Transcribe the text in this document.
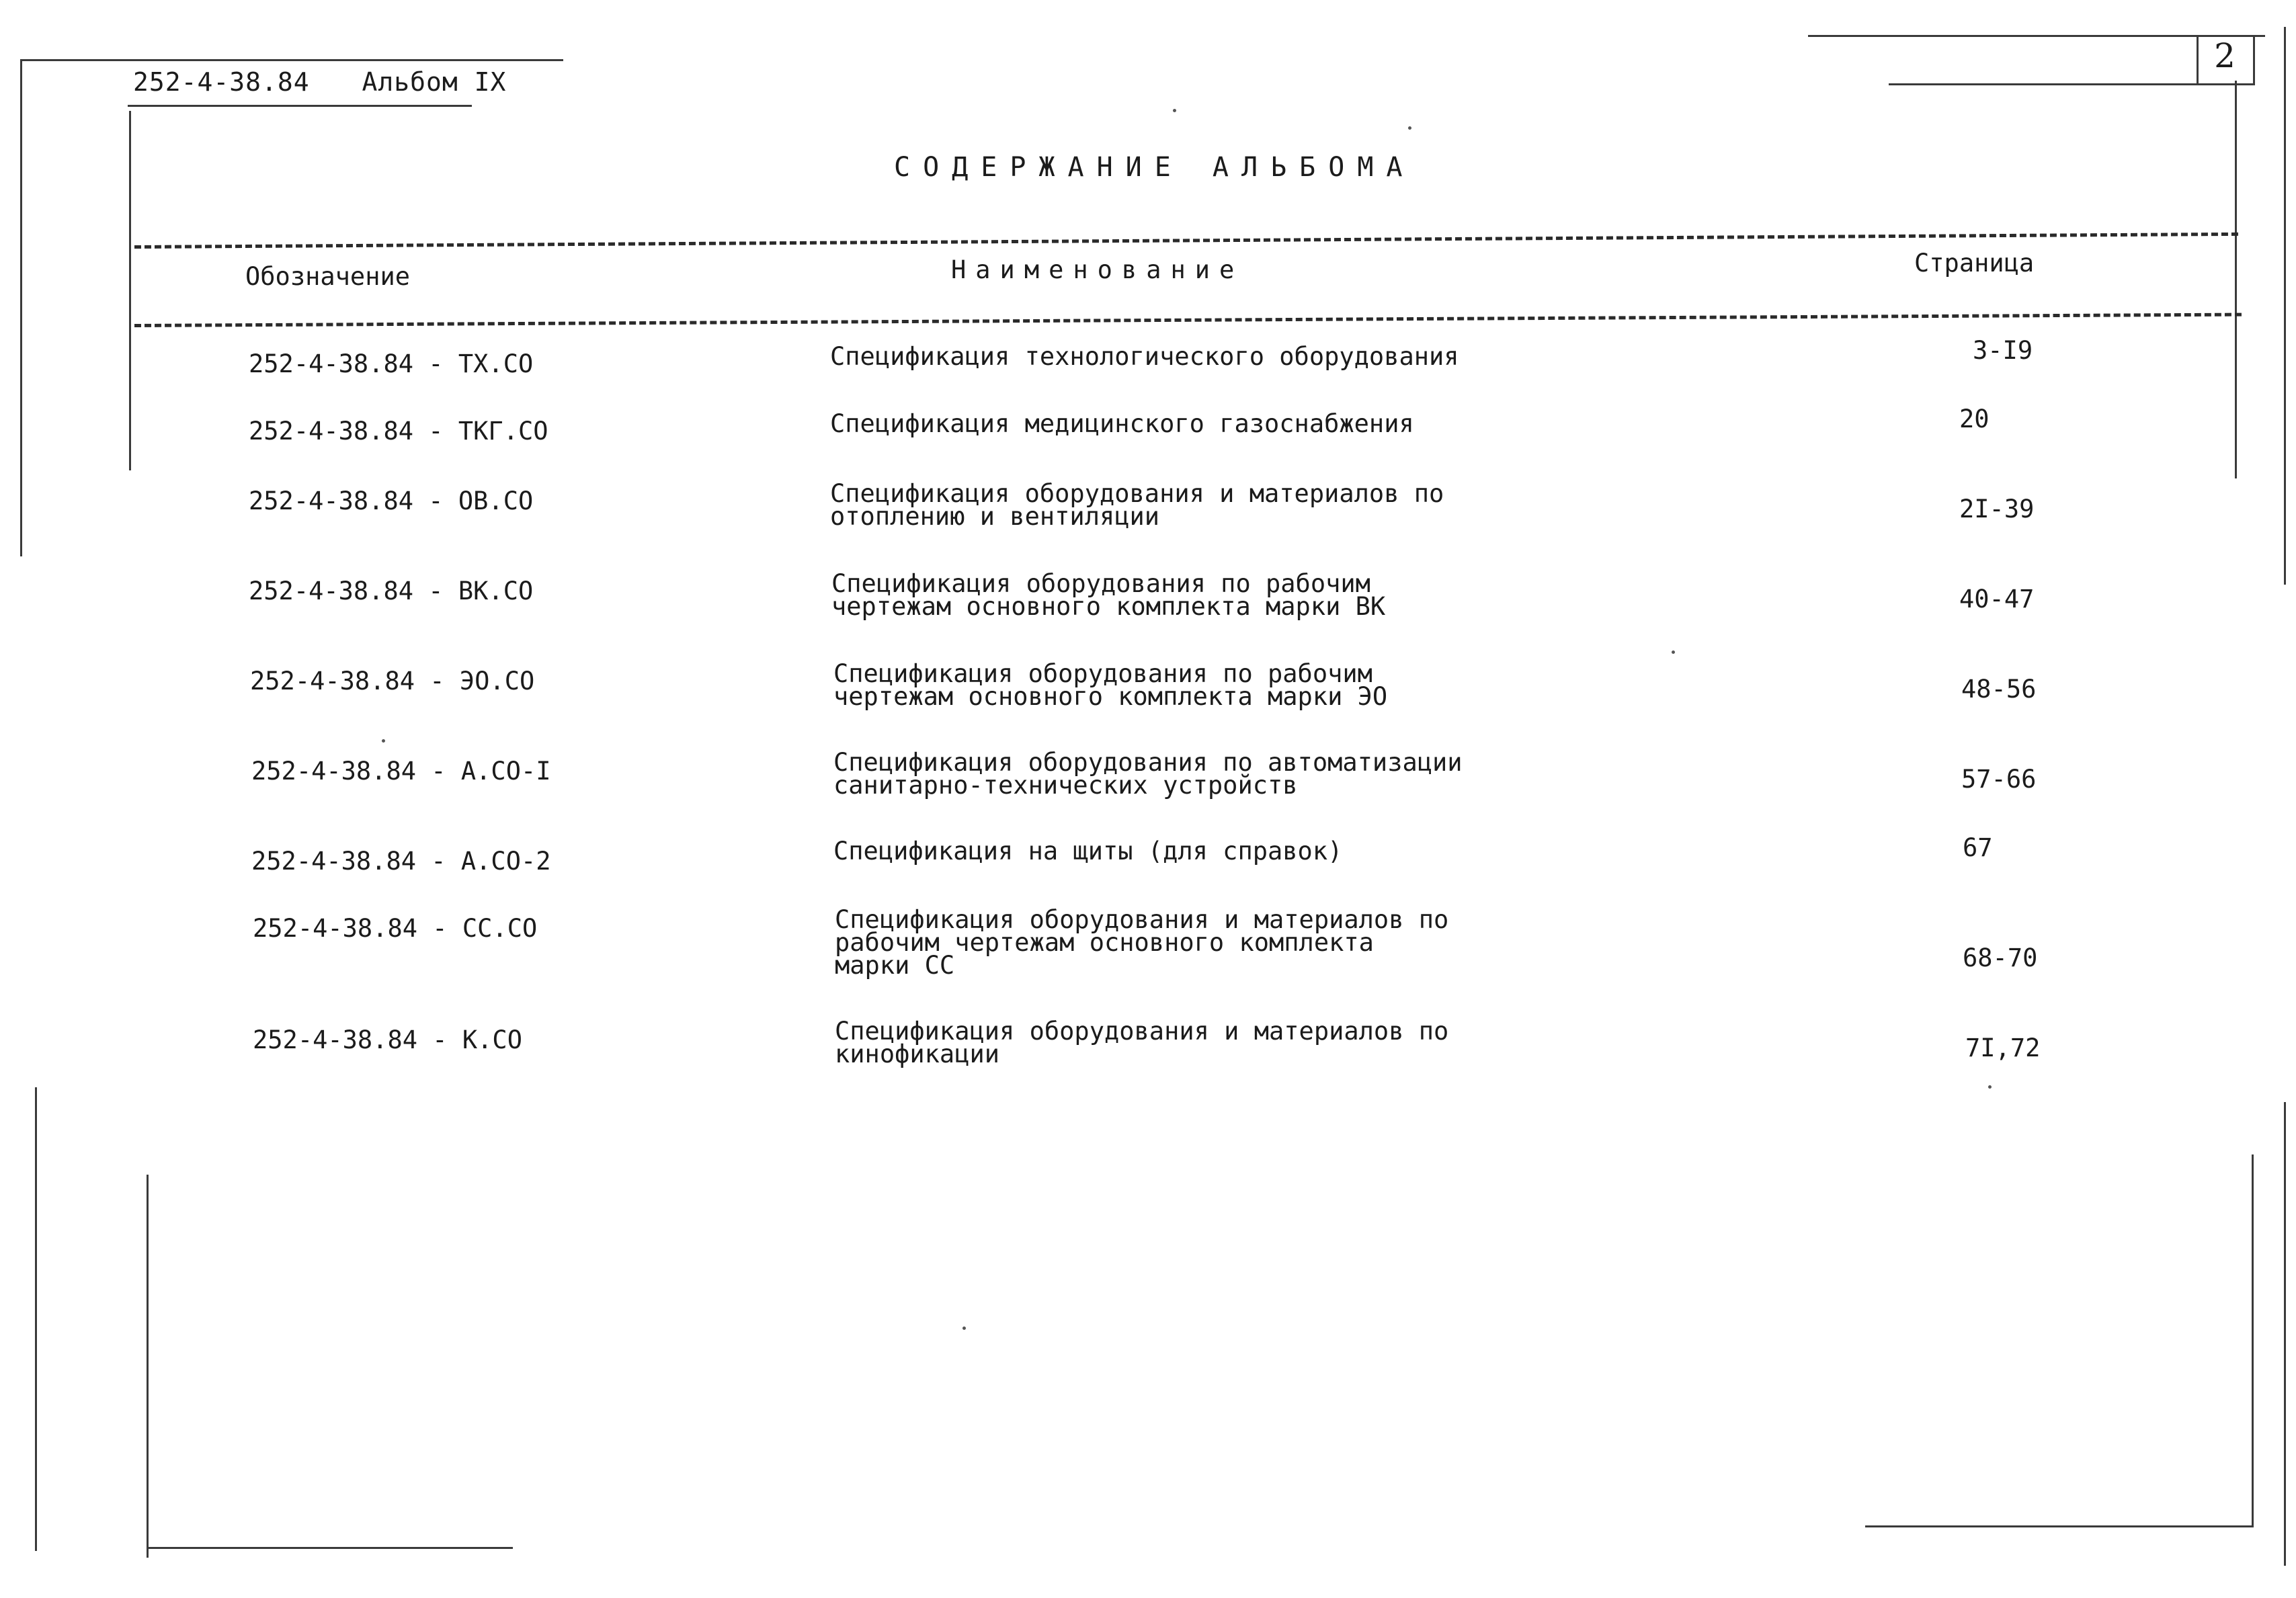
252-4-38.84 Альбом IX
2
СОДЕРЖАНИЕ АЛЬБОМА
Обозначение	Наименование	Страница
252-4-38.84 - ТХ.СО	Спецификация технологического оборудования	3-I9
252-4-38.84 - ТКГ.СО	Спецификация медицинского газоснабжения	20
252-4-38.84 - ОВ.СО	Спецификация оборудования и материалов по
отоплению и вентиляции	2I-39
252-4-38.84 - ВК.СО	Спецификация оборудования по рабочим
чертежам основного комплекта марки ВК	40-47
252-4-38.84 - ЭО.СО	Спецификация оборудования по рабочим
чертежам основного комплекта марки ЭО	48-56
252-4-38.84 - А.СО-I	Спецификация оборудования по автоматизации
санитарно-технических устройств	57-66
252-4-38.84 - А.СО-2	Спецификация на щиты (для справок)	67
252-4-38.84 - СС.СО	Спецификация оборудования и материалов по
рабочим чертежам основного комплекта
марки СС	68-70
252-4-38.84 - К.СО	Спецификация оборудования и материалов по
кинофикации	7I,72
